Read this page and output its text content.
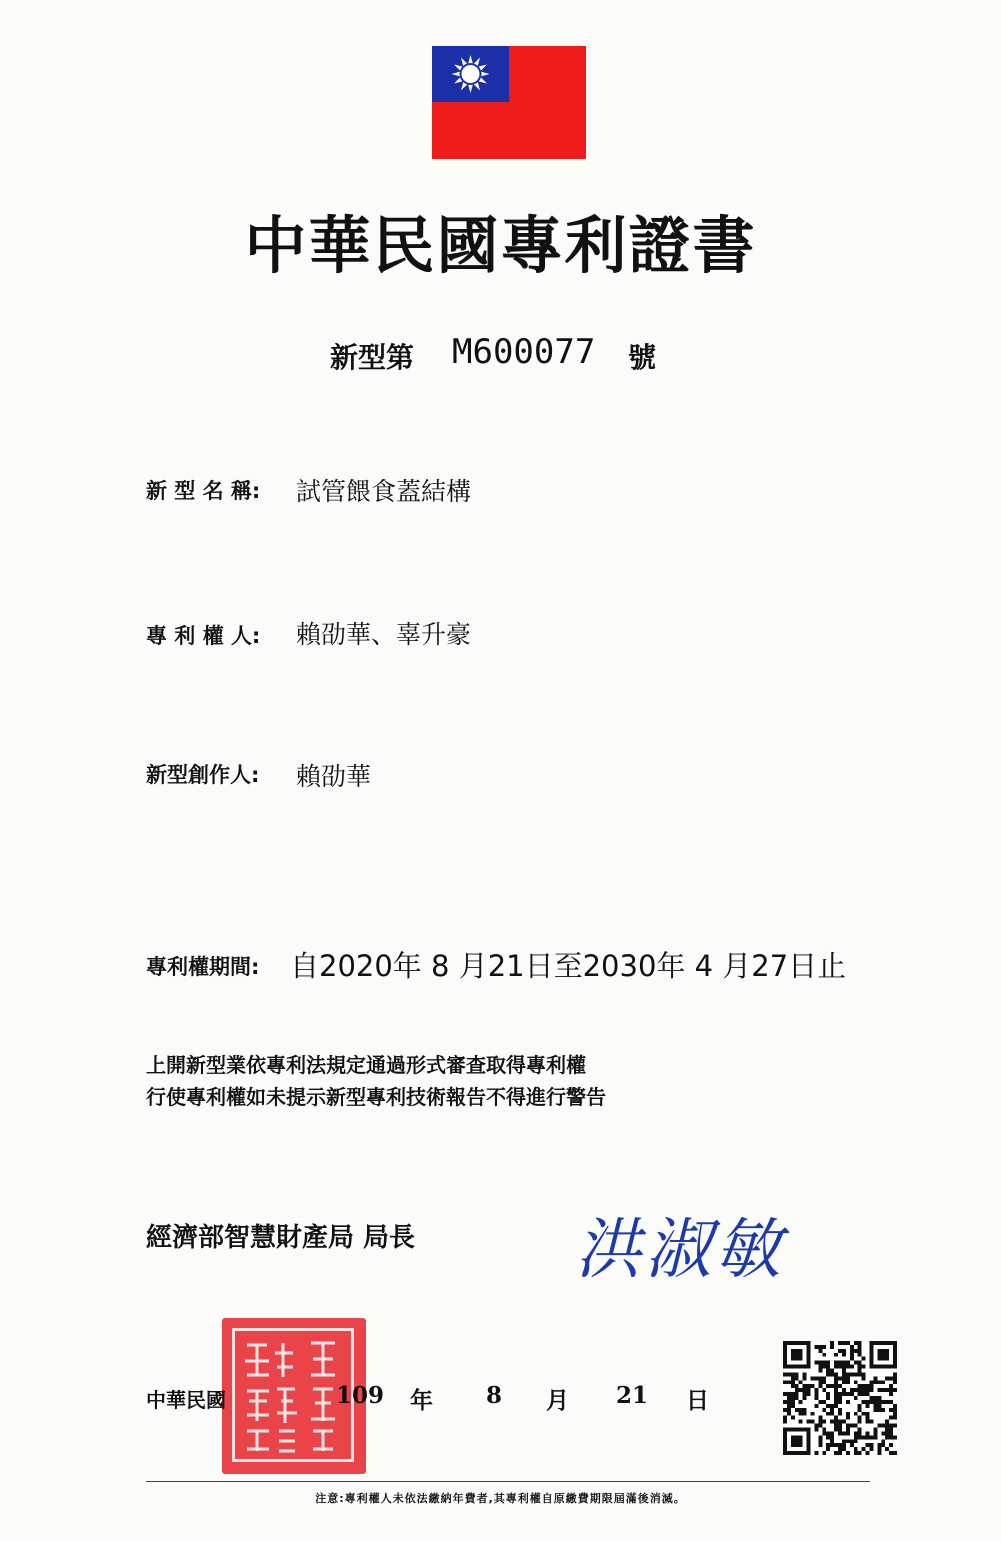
中華民國專利證書
新型第 M600077 號
新 型 名 稱: 試管餵食蓋結構
專 利 權 人: 賴劭華、辜升豪
新型創作人: 賴劭華
專利權期間: 自2020年 8 月21日至2030年 4 月27日止
上開新型業依專利法規定通過形式審查取得專利權
行使專利權如未提示新型專利技術報告不得進行警告
經濟部智慧財產局 局長 洪淑敏
中華民國	109 年 8 月 21 日
注意:專利權人未依法繳納年費者,其專利權自原繳費期限屆滿後消滅。
